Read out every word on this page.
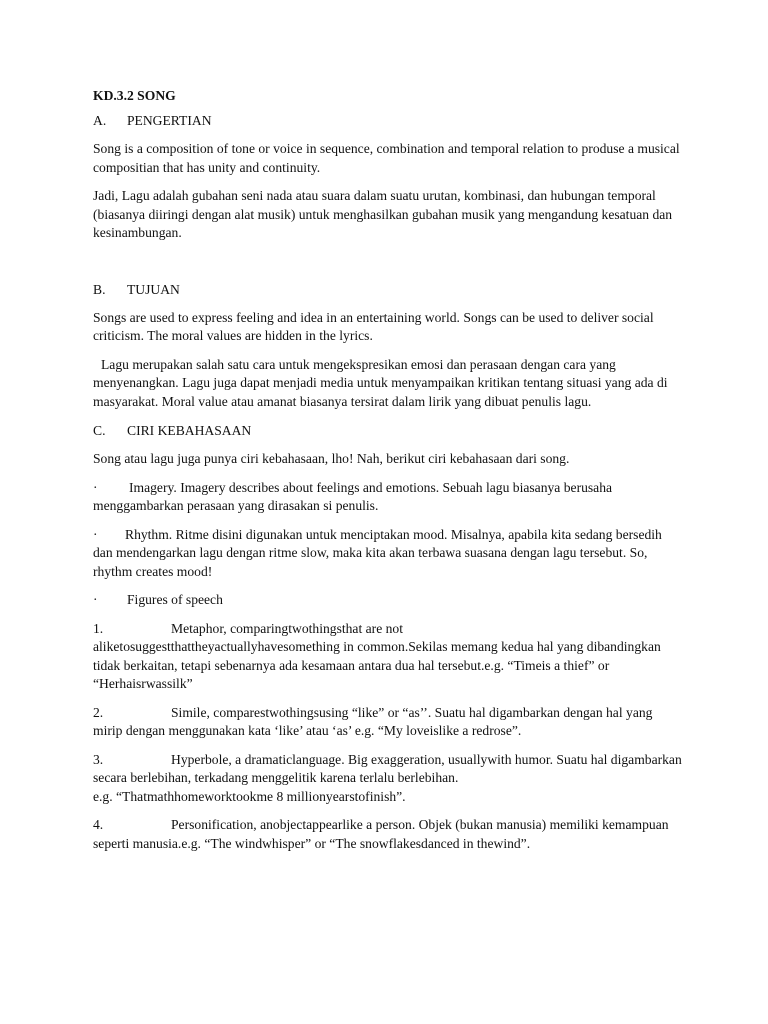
KD.3.2 SONG
A. PENGERTIAN

Song is a composition of tone or voice in sequence, combination and temporal relation to produse a musical compositian that has unity and continuity.

Jadi, Lagu adalah gubahan seni nada atau suara dalam suatu urutan, kombinasi, dan hubungan temporal (biasanya diiringi dengan alat musik) untuk menghasilkan gubahan musik yang mengandung kesatuan dan kesinambungan.

B. TUJUAN

Songs are used to express feeling and idea in an entertaining world. Songs can be used to deliver social criticism. The moral values are hidden in the lyrics.

Lagu merupakan salah satu cara untuk mengekspresikan emosi dan perasaan dengan cara yang menyenangkan. Lagu juga dapat menjadi media untuk menyampaikan kritikan tentang situasi yang ada di masyarakat. Moral value atau amanat biasanya tersirat dalam lirik yang dibuat penulis lagu.

C. CIRI KEBAHASAAN

Song atau lagu juga punya ciri kebahasaan, lho! Nah, berikut ciri kebahasaan dari song.

· Imagery. Imagery describes about feelings and emotions. Sebuah lagu biasanya berusaha menggambarkan perasaan yang dirasakan si penulis.

· Rhythm. Ritme disini digunakan untuk menciptakan mood. Misalnya, apabila kita sedang bersedih dan mendengarkan lagu dengan ritme slow, maka kita akan terbawa suasana dengan lagu tersebut. So, rhythm creates mood!

· Figures of speech

1.	Metaphor, comparingtwothingsthat are not
aliketosuggestthattheyactuallyhavesomething in common.Sekilas memang kedua hal yang dibandingkan tidak berkaitan, tetapi sebenarnya ada kesamaan antara dua hal tersebut.e.g. “Timeis a thief” or “Herhaisrwassilk”

2.	Simile, comparestwothingsusing “like” or “as’’. Suatu hal digambarkan dengan hal yang mirip dengan menggunakan kata ‘like’ atau ‘as’ e.g. “My loveislike a redrose”.

3.	Hyperbole, a dramaticlanguage. Big exaggeration, usuallywith humor. Suatu hal digambarkan secara berlebihan, terkadang menggelitik karena terlalu berlebihan.
e.g. “Thatmathhomeworktookme 8 millionyearstofinish”.

4.	Personification, anobjectappearlike a person. Objek (bukan manusia) memiliki kemampuan seperti manusia.e.g. “The windwhisper” or “The snowflakesdanced in thewind”.
